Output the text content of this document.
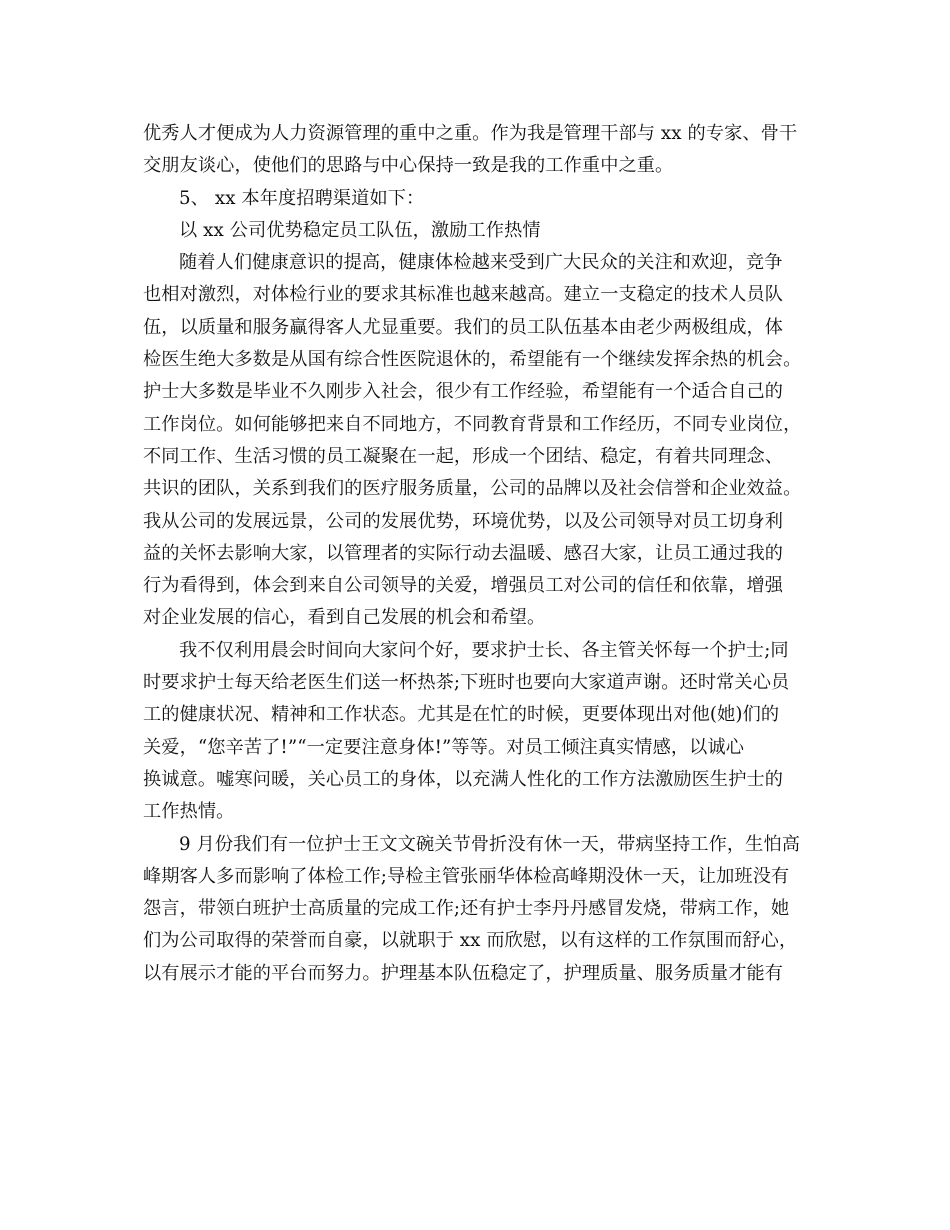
优秀人才便成为人力资源管理的重中之重。作为我是管理干部与 xx 的专家、骨干
交朋友谈心，使他们的思路与中心保持一致是我的工作重中之重。
5、 xx 本年度招聘渠道如下：
以 xx 公司优势稳定员工队伍，激励工作热情
随着人们健康意识的提高，健康体检越来受到广大民众的关注和欢迎，竞争
也相对激烈，对体检行业的要求其标准也越来越高。建立一支稳定的技术人员队
伍，以质量和服务赢得客人尤显重要。我们的员工队伍基本由老少两极组成，体
检医生绝大多数是从国有综合性医院退休的，希望能有一个继续发挥余热的机会。
护士大多数是毕业不久刚步入社会，很少有工作经验，希望能有一个适合自己的
工作岗位。如何能够把来自不同地方，不同教育背景和工作经历，不同专业岗位，
不同工作、生活习惯的员工凝聚在一起，形成一个团结、稳定，有着共同理念、
共识的团队，关系到我们的医疗服务质量，公司的品牌以及社会信誉和企业效益。
我从公司的发展远景，公司的发展优势，环境优势，以及公司领导对员工切身利
益的关怀去影响大家，以管理者的实际行动去温暖、感召大家，让员工通过我的
行为看得到，体会到来自公司领导的关爱，增强员工对公司的信任和依靠，增强
对企业发展的信心，看到自己发展的机会和希望。
我不仅利用晨会时间向大家问个好，要求护士长、各主管关怀每一个护士;同
时要求护士每天给老医生们送一杯热茶;下班时也要向大家道声谢。还时常关心员
工的健康状况、精神和工作状态。尤其是在忙的时候，更要体现出对他(她)们的
关爱，“您辛苦了!”“一定要注意身体!”等等。对员工倾注真实情感，以诚心
换诚意。嘘寒问暖，关心员工的身体，以充满人性化的工作方法激励医生护士的
工作热情。
9 月份我们有一位护士王文文碗关节骨折没有休一天，带病坚持工作，生怕高
峰期客人多而影响了体检工作;导检主管张丽华体检高峰期没休一天，让加班没有
怨言，带领白班护士高质量的完成工作;还有护士李丹丹感冒发烧，带病工作，她
们为公司取得的荣誉而自豪，以就职于 xx 而欣慰，以有这样的工作氛围而舒心，
以有展示才能的平台而努力。护理基本队伍稳定了，护理质量、服务质量才能有
